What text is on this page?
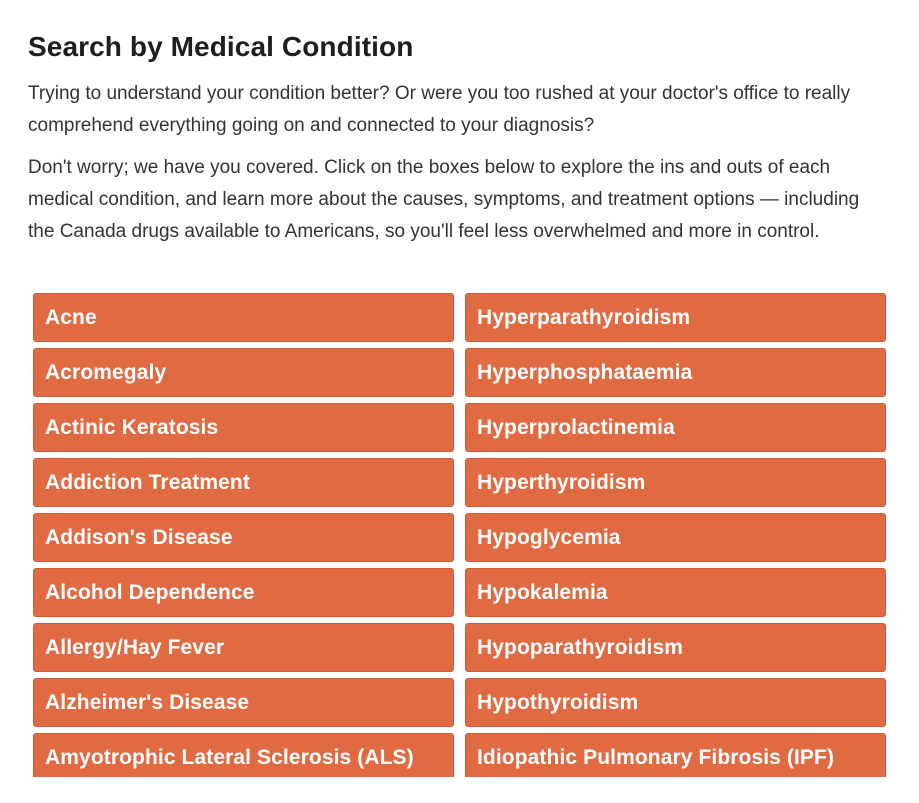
Search by Medical Condition

Trying to understand your condition better? Or were you too rushed at your doctor's office to really comprehend everything going on and connected to your diagnosis?

Don't worry; we have you covered. Click on the boxes below to explore the ins and outs of each medical condition, and learn more about the causes, symptoms, and treatment options — including the Canada drugs available to Americans, so you'll feel less overwhelmed and more in control.

Acne	Hyperparathyroidism
Acromegaly	Hyperphosphataemia
Actinic Keratosis	Hyperprolactinemia
Addiction Treatment	Hyperthyroidism
Addison's Disease	Hypoglycemia
Alcohol Dependence	Hypokalemia
Allergy/Hay Fever	Hypoparathyroidism
Alzheimer's Disease	Hypothyroidism
Amyotrophic Lateral Sclerosis (ALS)	Idiopathic Pulmonary Fibrosis (IPF)
